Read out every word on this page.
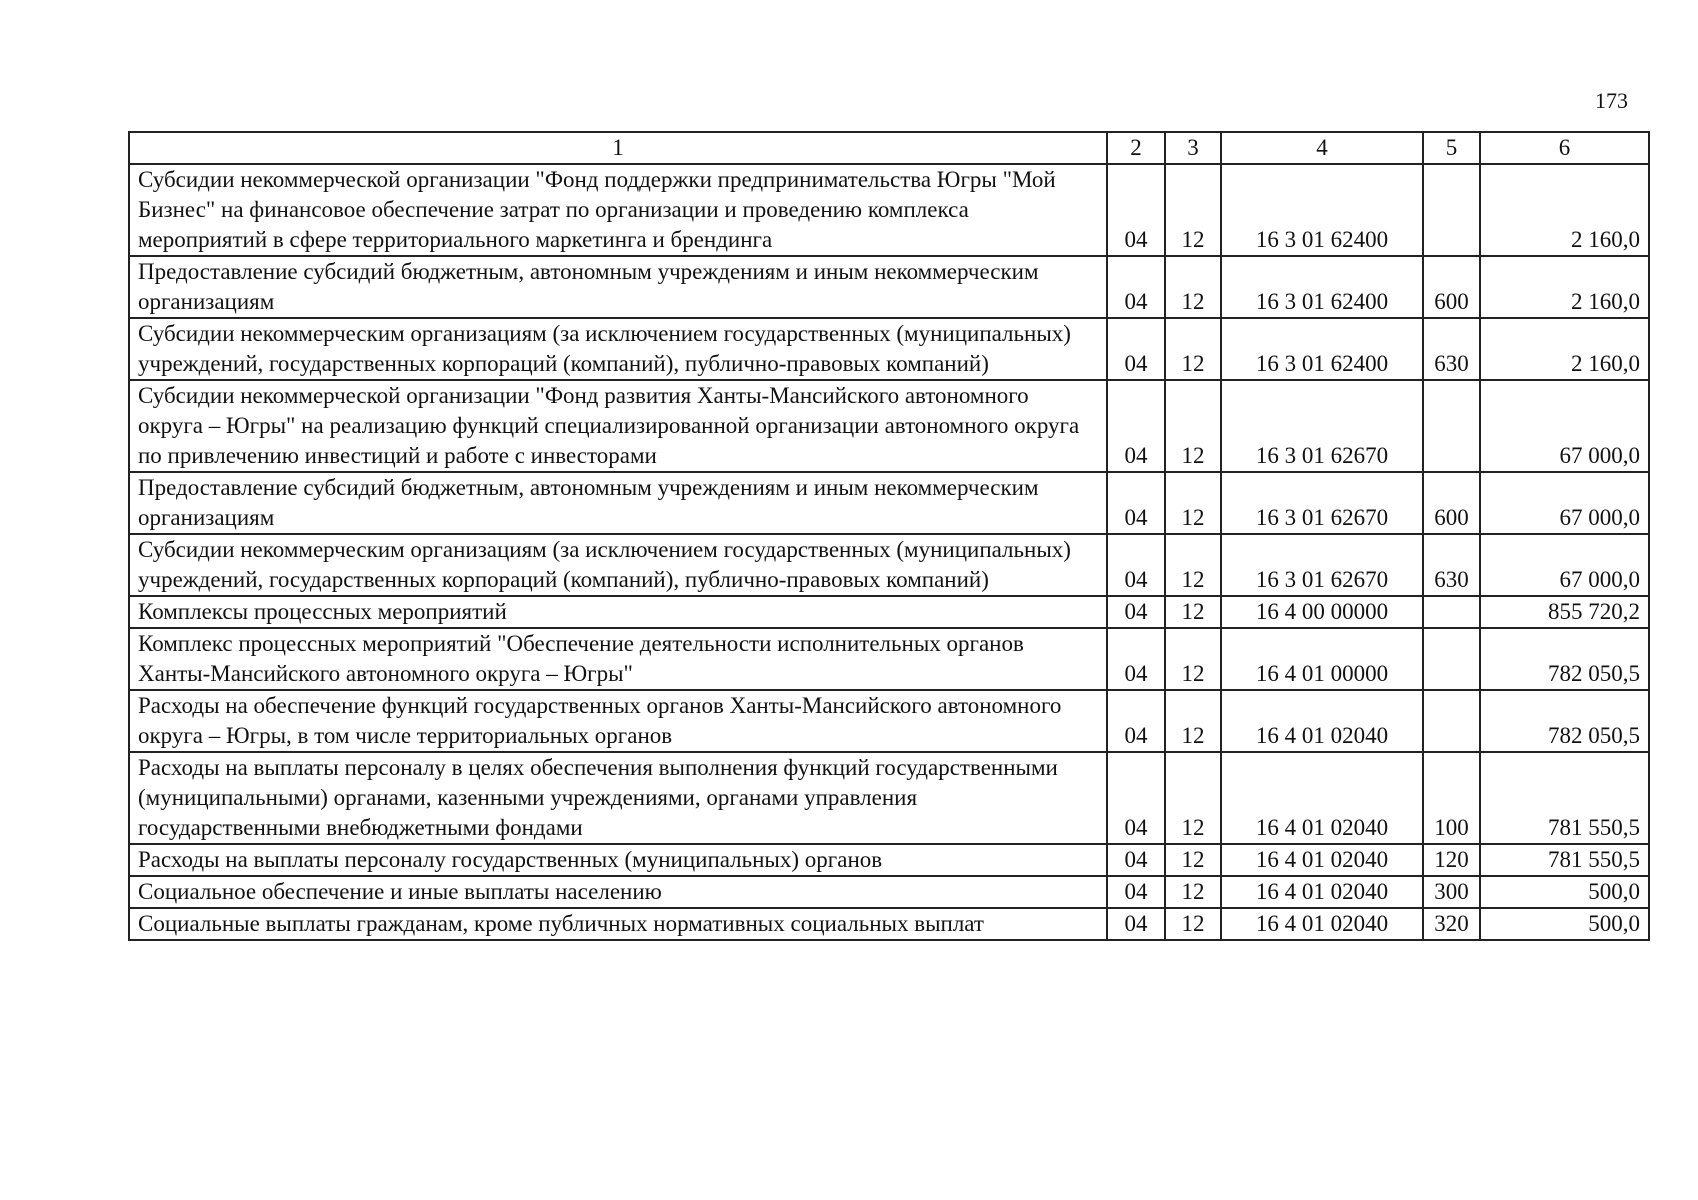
173
1	2	3	4	5	6
Субсидии некоммерческой организации "Фонд поддержки предпринимательства Югры "Мой Бизнес" на финансовое обеспечение затрат по организации и проведению комплекса мероприятий в сфере территориального маркетинга и брендинга	04	12	16 3 01 62400		2 160,0
Предоставление субсидий бюджетным, автономным учреждениям и иным некоммерческим организациям	04	12	16 3 01 62400	600	2 160,0
Субсидии некоммерческим организациям (за исключением государственных (муниципальных) учреждений, государственных корпораций (компаний), публично-правовых компаний)	04	12	16 3 01 62400	630	2 160,0
Субсидии некоммерческой организации "Фонд развития Ханты-Мансийского автономного округа – Югры" на реализацию функций специализированной организации автономного округа по привлечению инвестиций и работе с инвесторами	04	12	16 3 01 62670		67 000,0
Предоставление субсидий бюджетным, автономным учреждениям и иным некоммерческим организациям	04	12	16 3 01 62670	600	67 000,0
Субсидии некоммерческим организациям (за исключением государственных (муниципальных) учреждений, государственных корпораций (компаний), публично-правовых компаний)	04	12	16 3 01 62670	630	67 000,0
Комплексы процессных мероприятий	04	12	16 4 00 00000		855 720,2
Комплекс процессных мероприятий "Обеспечение деятельности исполнительных органов Ханты-Мансийского автономного округа – Югры"	04	12	16 4 01 00000		782 050,5
Расходы на обеспечение функций государственных органов Ханты-Мансийского автономного округа – Югры, в том числе территориальных органов	04	12	16 4 01 02040		782 050,5
Расходы на выплаты персоналу в целях обеспечения выполнения функций государственными (муниципальными) органами, казенными учреждениями, органами управления государственными внебюджетными фондами	04	12	16 4 01 02040	100	781 550,5
Расходы на выплаты персоналу государственных (муниципальных) органов	04	12	16 4 01 02040	120	781 550,5
Социальное обеспечение и иные выплаты населению	04	12	16 4 01 02040	300	500,0
Социальные выплаты гражданам, кроме публичных нормативных социальных выплат	04	12	16 4 01 02040	320	500,0
